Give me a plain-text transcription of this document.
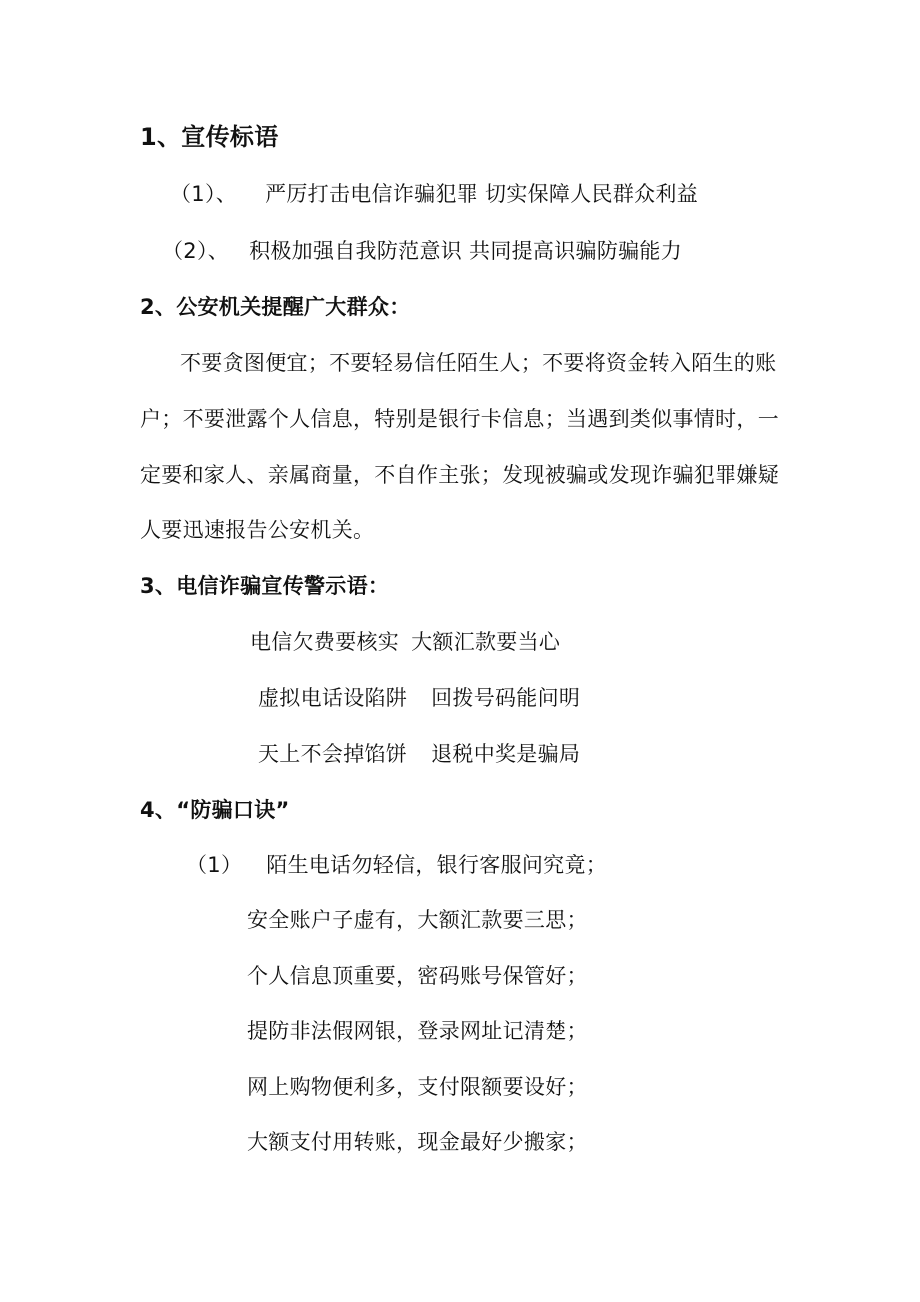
1、宣传标语
（1）、 严厉打击电信诈骗犯罪 切实保障人民群众利益
（2）、 积极加强自我防范意识 共同提高识骗防骗能力
2、公安机关提醒广大群众：
不要贪图便宜；不要轻易信任陌生人；不要将资金转入陌生的账
户；不要泄露个人信息，特别是银行卡信息；当遇到类似事情时，一
定要和家人、亲属商量，不自作主张；发现被骗或发现诈骗犯罪嫌疑
人要迅速报告公安机关。
3、电信诈骗宣传警示语：
电信欠费要核实 大额汇款要当心
虚拟电话设陷阱 回拨号码能问明
天上不会掉馅饼 退税中奖是骗局
4、“防骗口诀”
（1） 陌生电话勿轻信，银行客服问究竟；
安全账户子虚有，大额汇款要三思；
个人信息顶重要，密码账号保管好；
提防非法假网银，登录网址记清楚；
网上购物便利多，支付限额要设好；
大额支付用转账，现金最好少搬家；
